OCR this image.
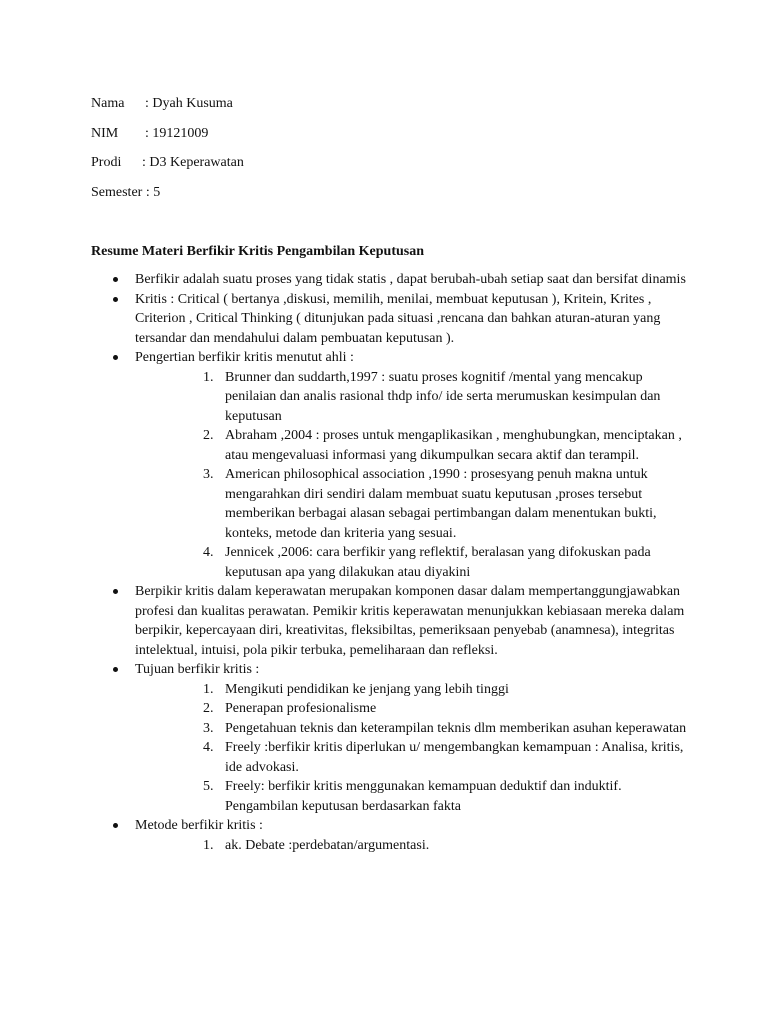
Nama : Dyah Kusuma
NIM : 19121009
Prodi : D3 Keperawatan
Semester : 5
Resume Materi Berfikir Kritis Pengambilan Keputusan
Berfikir adalah suatu proses yang tidak statis , dapat berubah-ubah setiap saat dan bersifat dinamis
Kritis : Critical ( bertanya ,diskusi, memilih, menilai, membuat keputusan ), Kritein, Krites , Criterion , Critical Thinking ( ditunjukan pada situasi ,rencana dan bahkan aturan-aturan yang tersandar dan mendahului dalam pembuatan keputusan ).
Pengertian berfikir kritis menutut ahli :
1. Brunner dan suddarth,1997 : suatu proses kognitif /mental yang mencakup penilaian dan analis rasional thdp info/ ide serta merumuskan kesimpulan dan keputusan
2. Abraham ,2004 : proses untuk mengaplikasikan , menghubungkan, menciptakan , atau mengevaluasi informasi yang dikumpulkan secara aktif dan terampil.
3. American philosophical association ,1990 : prosesyang penuh makna untuk mengarahkan diri sendiri dalam membuat suatu keputusan ,proses tersebut memberikan berbagai alasan sebagai pertimbangan dalam menentukan bukti, konteks, metode dan kriteria yang sesuai.
4. Jennicek ,2006: cara berfikir yang reflektif, beralasan yang difokuskan pada keputusan apa yang dilakukan atau diyakini
Berpikir kritis dalam keperawatan merupakan komponen dasar dalam mempertanggungjawabkan profesi dan kualitas perawatan. Pemikir kritis keperawatan menunjukkan kebiasaan mereka dalam berpikir, kepercayaan diri, kreativitas, fleksibiltas, pemeriksaan penyebab (anamnesa), integritas intelektual, intuisi, pola pikir terbuka, pemeliharaan dan refleksi.
Tujuan berfikir kritis :
1. Mengikuti pendidikan ke jenjang yang lebih tinggi
2. Penerapan profesionalisme
3. Pengetahuan teknis dan keterampilan teknis dlm memberikan asuhan keperawatan
4. Freely :berfikir kritis diperlukan u/ mengembangkan kemampuan : Analisa, kritis, ide advokasi.
5. Freely: berfikir kritis menggunakan kemampuan deduktif dan induktif. Pengambilan keputusan berdasarkan fakta
Metode berfikir kritis :
1. ak. Debate :perdebatan/argumentasi.
